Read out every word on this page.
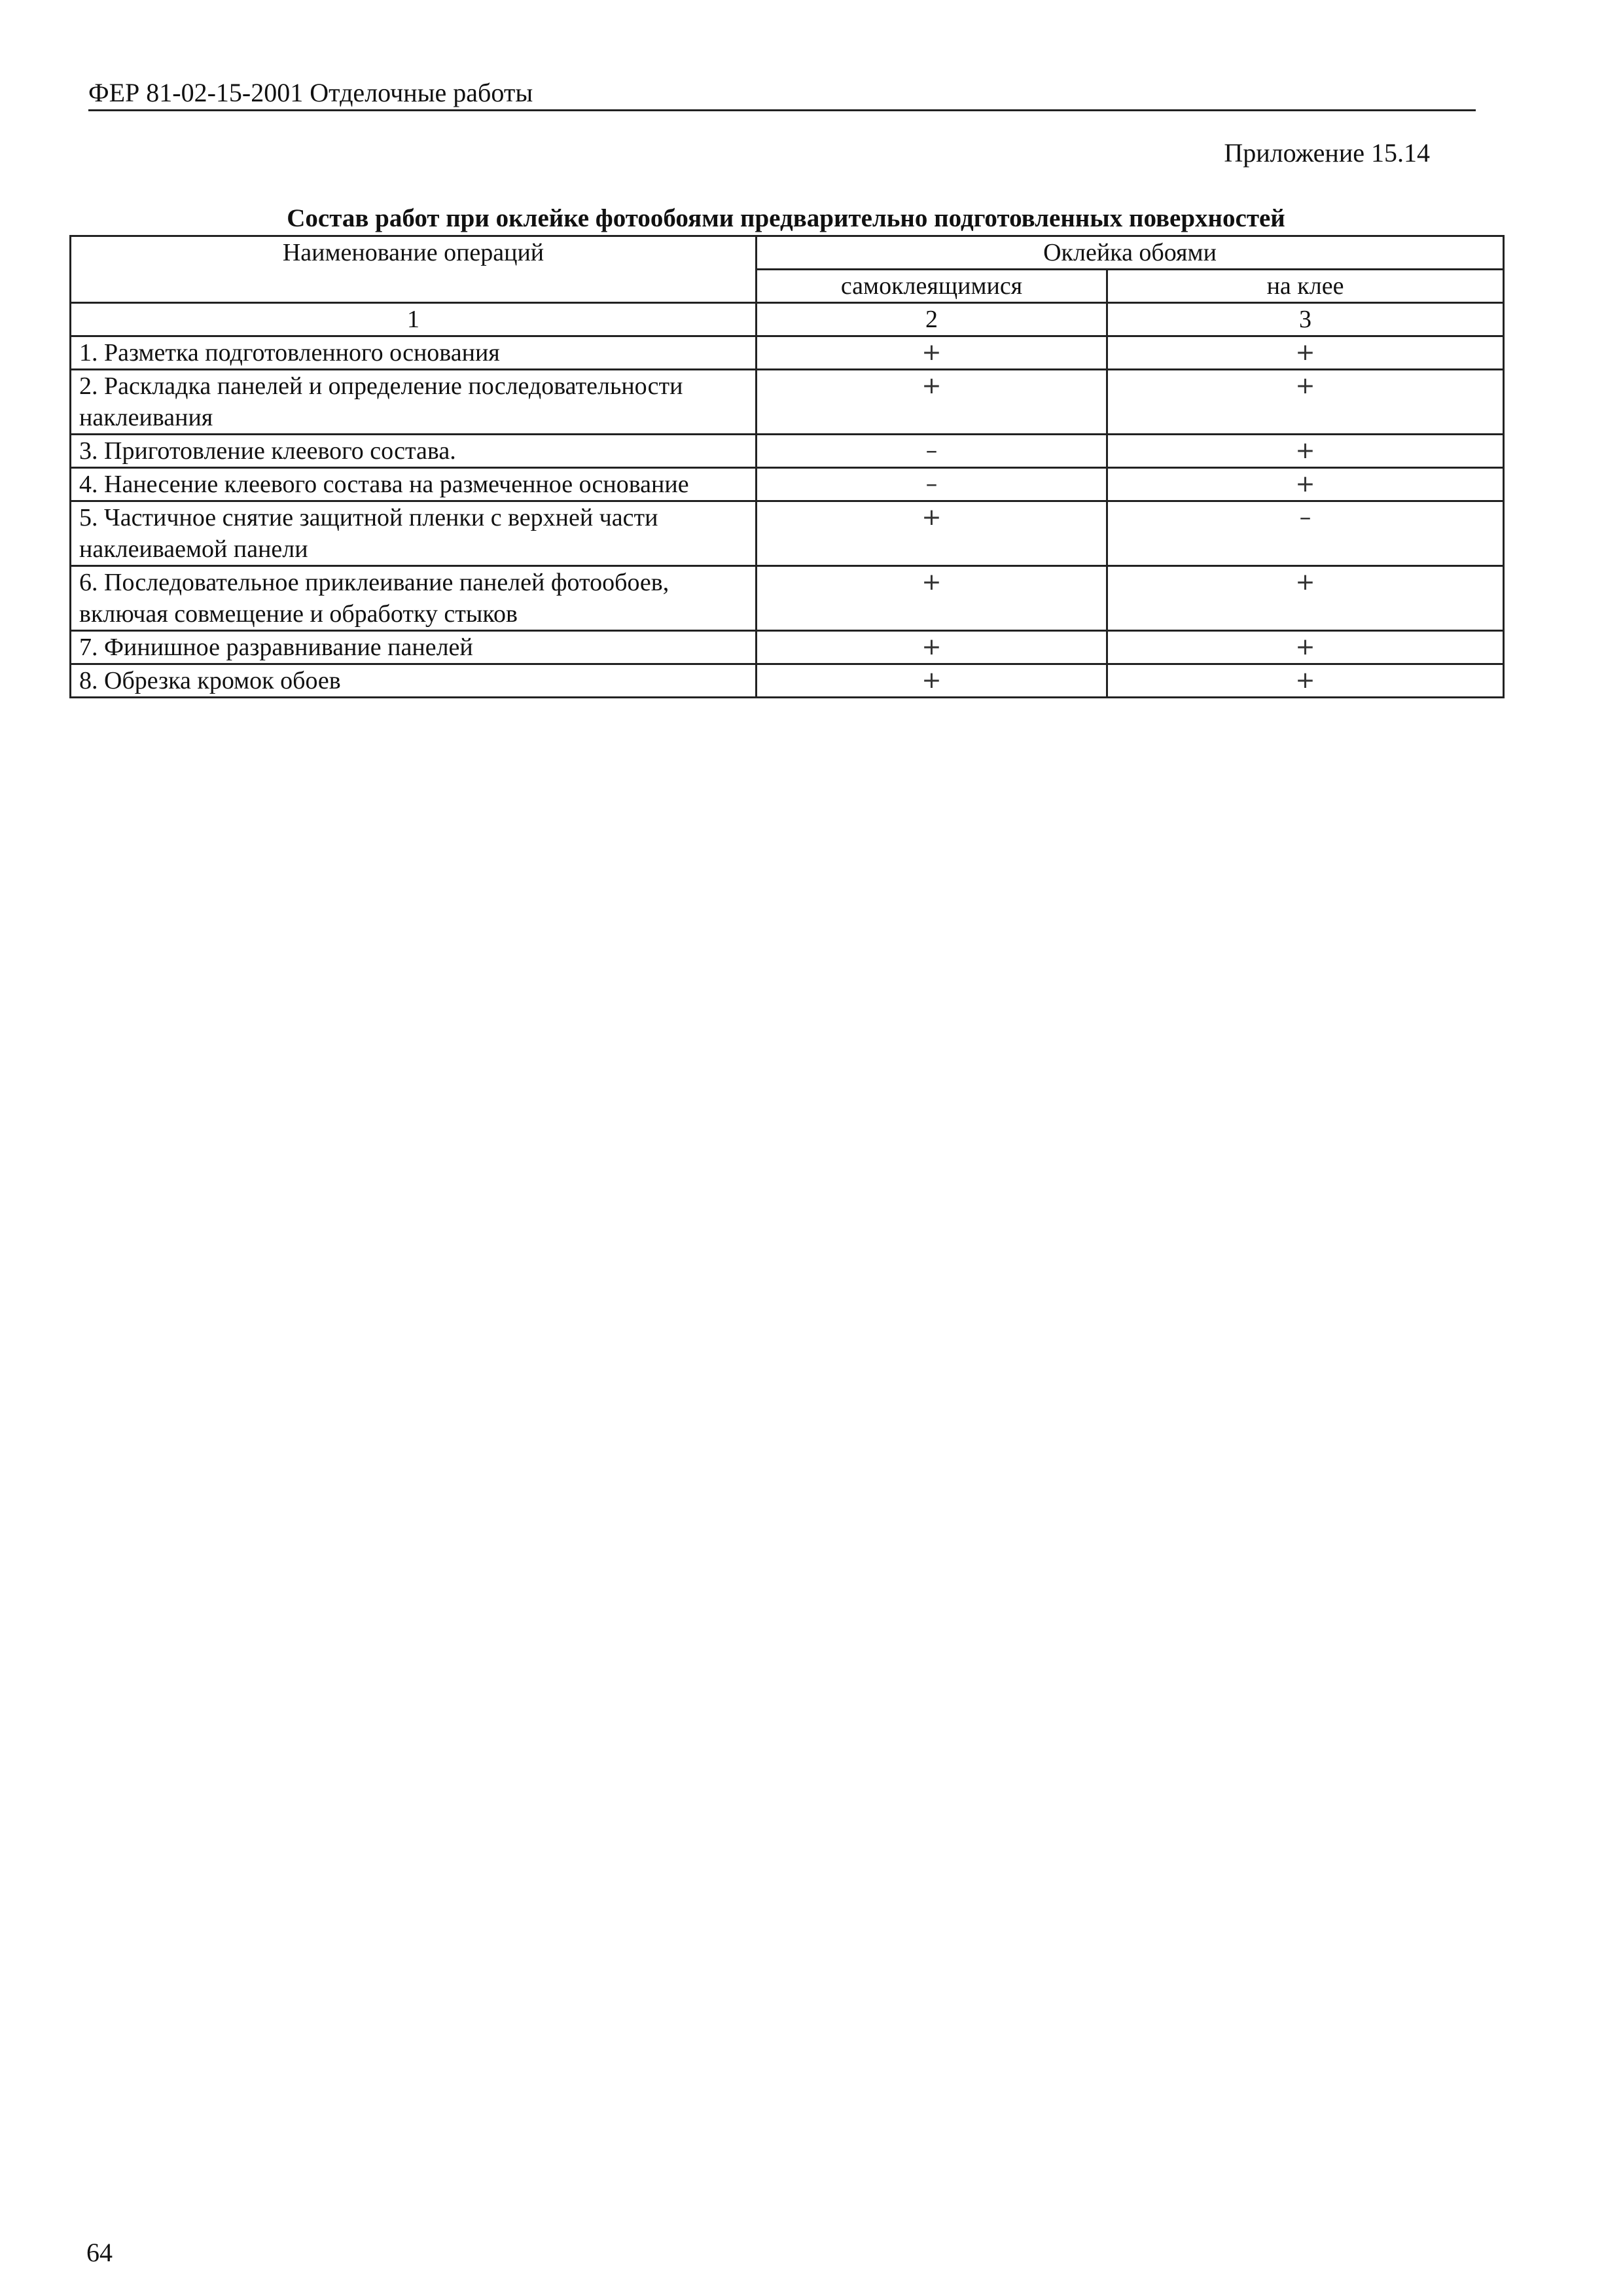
ФЕР 81-02-15-2001 Отделочные работы
Приложение 15.14
Состав работ при оклейке фотообоями предварительно подготовленных поверхностей
Наименование операций	Оклейка обоями	
	самоклеящимися	на клее
1	2	3
1. Разметка подготовленного основания	+	+
2. Раскладка панелей и определение последовательности наклеивания	+	+
3. Приготовление клеевого состава.	–	+
4. Нанесение клеевого состава на размеченное основание	–	+
5. Частичное снятие защитной пленки с верхней части наклеиваемой панели	+	–
6. Последовательное приклеивание панелей фотообоев, включая совмещение и обработку стыков	+	+
7. Финишное разравнивание панелей	+	+
8. Обрезка кромок обоев	+	+
64
